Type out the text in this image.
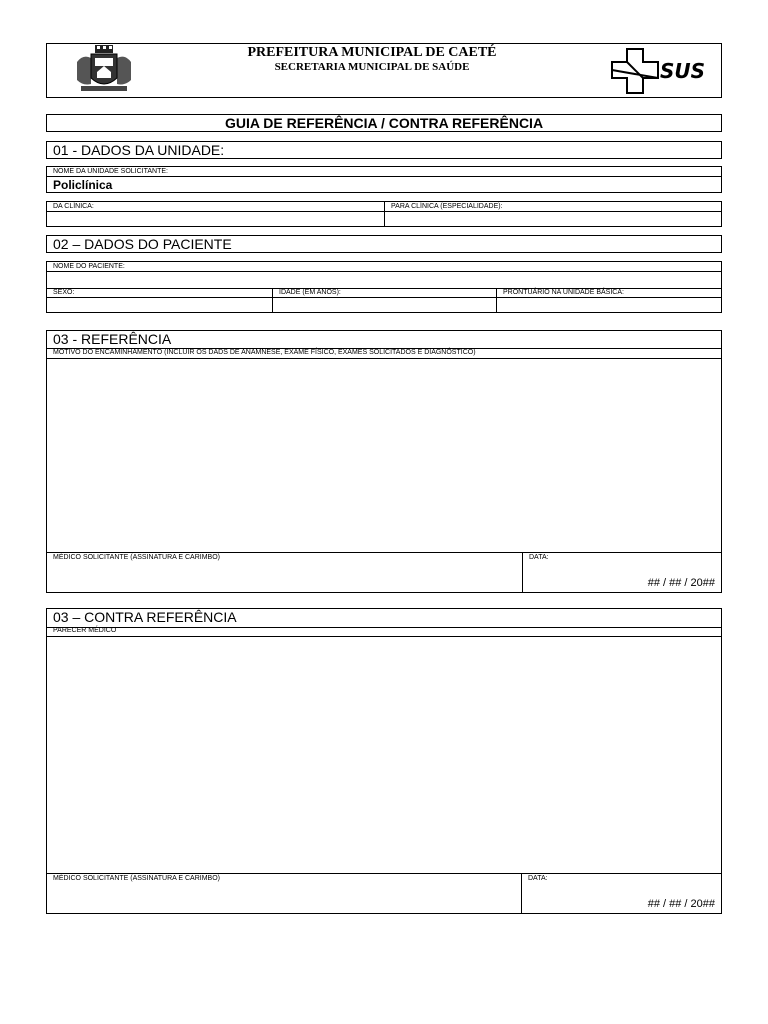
PREFEITURA MUNICIPAL DE CAETÉ
SECRETARIA MUNICIPAL DE SAÚDE	SUS
GUIA DE REFERÊNCIA / CONTRA REFERÊNCIA
01 - DADOS DA UNIDADE:
NOME DA UNIDADE SOLICITANTE:
Policlínica
DA CLÍNICA:	PARA CLÍNICA (ESPECIALIDADE):
02 – DADOS DO PACIENTE
NOME DO PACIENTE:
SEXO:	IDADE (EM ANOS):	PRONTUÁRIO NA UNIDADE BÁSICA:
03 - REFERÊNCIA
MOTIVO DO ENCAMINHAMENTO (INCLUIR OS DADS DE ANAMNESE, EXAME FÍSICO, EXAMES SOLICITADOS E DIAGNÓSTICO)
MÉDICO SOLICITANTE (ASSINATURA E CARIMBO)	DATA:
## / ## / 20##
03 – CONTRA REFERÊNCIA
PARECER MÉDICO
MÉDICO SOLICITANTE (ASSINATURA E CARIMBO)	DATA:
## / ## / 20##
